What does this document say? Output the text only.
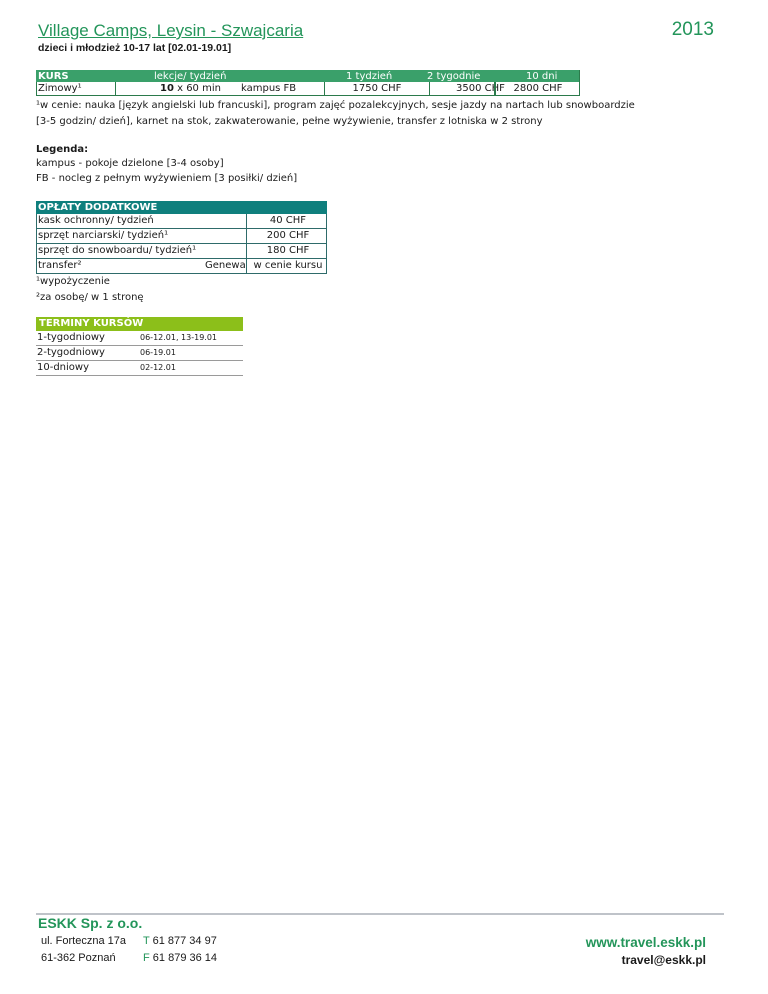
Village Camps, Leysin - Szwajcaria	2013
dzieci i młodzież 10-17 lat [02.01-19.01]
KURS	lekcje/ tydzień	1 tydzień	2 tygodnie	10 dni
Zimowy¹	10 x 60 min kampus FB	1750 CHF	3500 CHF 2800 CHF
¹w cenie: nauka [język angielski lub francuski], program zajęć pozalekcyjnych, sesje jazdy na nartach lub snowboardzie
[3-5 godzin/ dzień], karnet na stok, zakwaterowanie, pełne wyżywienie, transfer z lotniska w 2 strony
Legenda:
kampus - pokoje dzielone [3-4 osoby]
FB - nocleg z pełnym wyżywieniem [3 posiłki/ dzień]
OPŁATY DODATKOWE
kask ochronny/ tydzień	40 CHF
sprzęt narciarski/ tydzień¹	200 CHF
sprzęt do snowboardu/ tydzień¹	180 CHF
transfer²	Genewa w cenie kursu
¹wypożyczenie
²za osobę/ w 1 stronę
TERMINY KURSÓW
1-tygodniowy	06-12.01, 13-19.01
2-tygodniowy	06-19.01
10-dniowy	02-12.01
ESKK Sp. z o.o.
ul. Forteczna 17a
61-362 Poznań
T 61 877 34 97
F 61 879 36 14
www.travel.eskk.pl
travel@eskk.pl
